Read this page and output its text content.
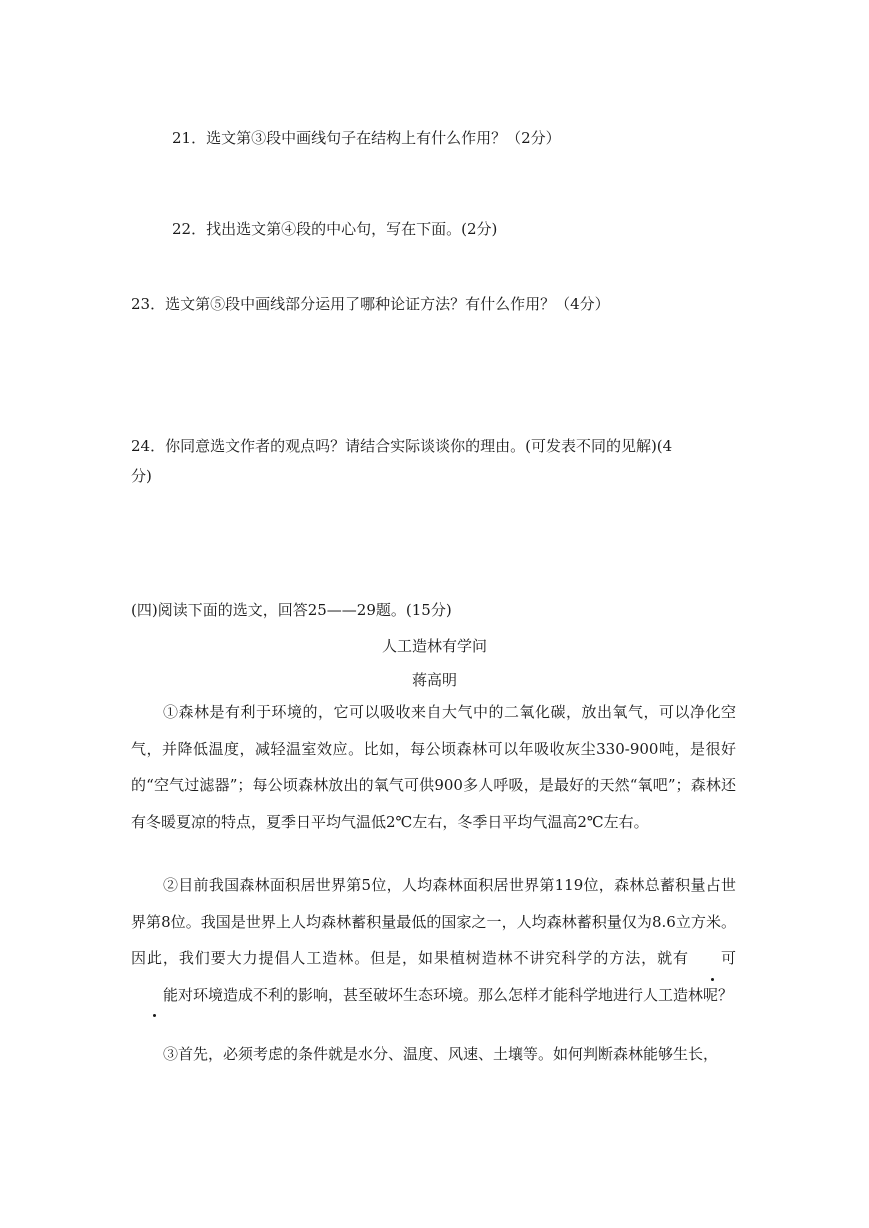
21．选文第③段中画线句子在结构上有什么作用？（2分）
22．找出选文第④段的中心句，写在下面。(2分)
23．选文第⑤段中画线部分运用了哪种论证方法？有什么作用？（4分）
24．你同意选文作者的观点吗？请结合实际谈谈你的理由。(可发表不同的见解)(4
分)
(四)阅读下面的选文，回答25——29题。(15分)
人工造林有学问
蒋高明
①森林是有利于环境的，它可以吸收来自大气中的二氧化碳，放出氧气，可以净化空气，并降低温度，减轻温室效应。比如，每公顷森林可以年吸收灰尘330-900吨，是很好的“空气过滤器”；每公顷森林放出的氧气可供900多人呼吸，是最好的天然“氧吧”；森林还有冬暖夏凉的特点，夏季日平均气温低2℃左右，冬季日平均气温高2℃左右。
②目前我国森林面积居世界第5位，人均森林面积居世界第119位，森林总蓄积量占世界第8位。我国是世界上人均森林蓄积量最低的国家之一，人均森林蓄积量仅为8.6立方米。因此，我们要大力提倡人工造林。但是，如果植树造林不讲究科学的方法，就有 可能对环境造成不利的影响，甚至破坏生态环境。那么怎样才能科学地进行人工造林呢？
③首先，必须考虑的条件就是水分、温度、风速、土壤等。如何判断森林能够生长，
